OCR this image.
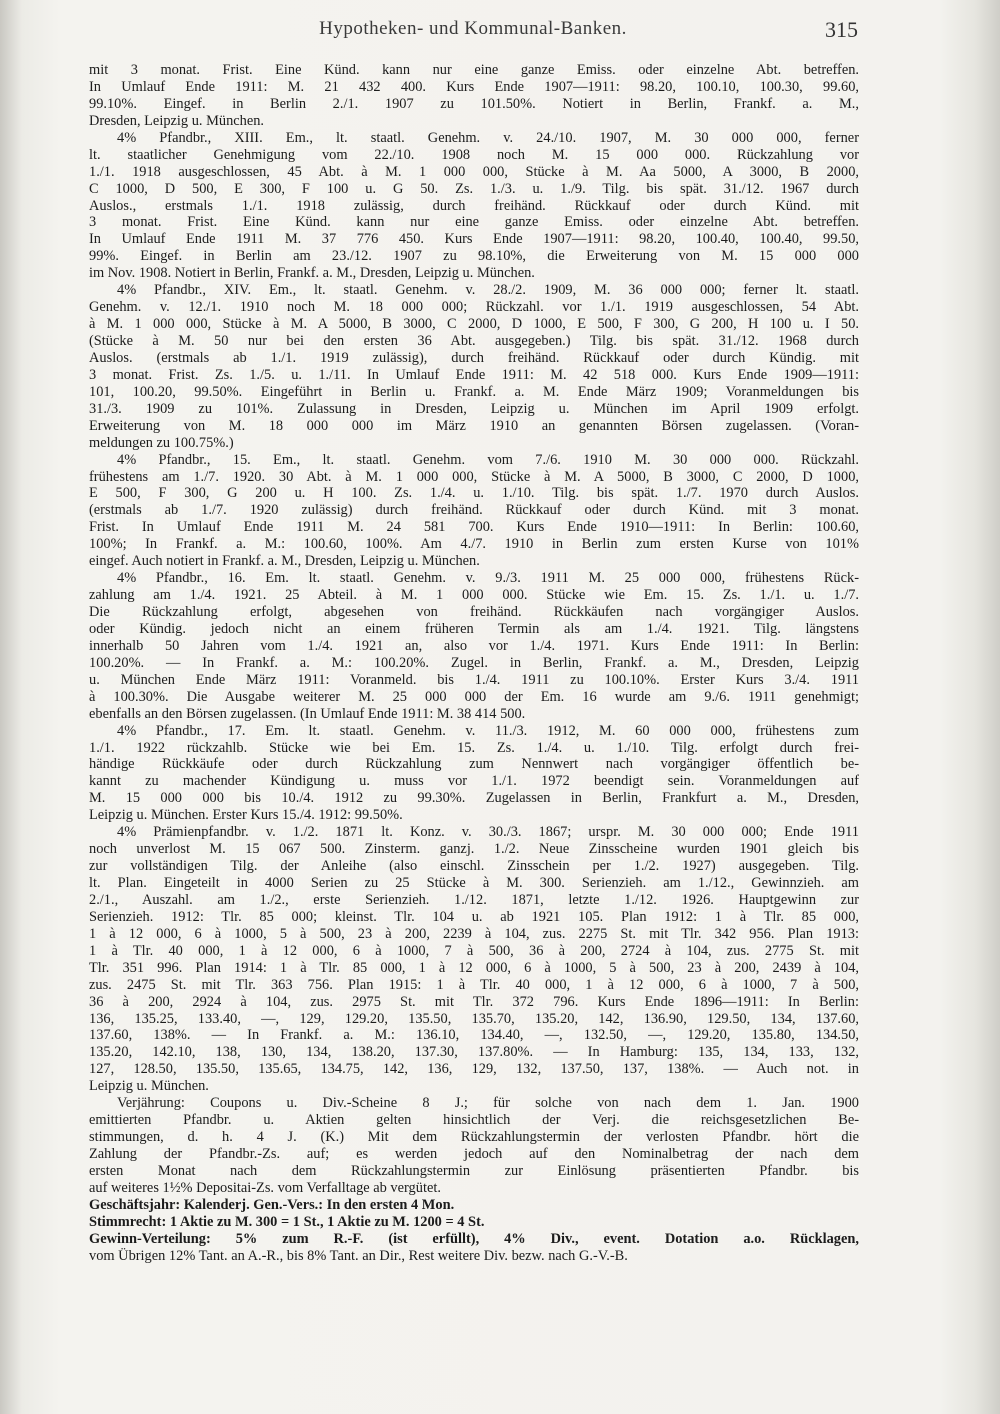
Hypotheken- und Kommunal-Banken.	315
mit 3 monat. Frist. Eine Künd. kann nur eine ganze Emiss. oder einzelne Abt. betreffen.
In Umlauf Ende 1911: M. 21 432 400. Kurs Ende 1907—1911: 98.20, 100.10, 100.30, 99.60,
99.10%. Eingef. in Berlin 2./1. 1907 zu 101.50%. Notiert in Berlin, Frankf. a. M.,
Dresden, Leipzig u. München.
4% Pfandbr., XIII. Em., lt. staatl. Genehm. v. 24./10. 1907, M. 30 000 000, ferner
lt. staatlicher Genehmigung vom 22./10. 1908 noch M. 15 000 000. Rückzahlung vor
1./1. 1918 ausgeschlossen, 45 Abt. à M. 1 000 000, Stücke à M. Aa 5000, A 3000, B 2000,
C 1000, D 500, E 300, F 100 u. G 50. Zs. 1./3. u. 1./9. Tilg. bis spät. 31./12. 1967 durch
Auslos., erstmals 1./1. 1918 zulässig, durch freihänd. Rückkauf oder durch Künd. mit
3 monat. Frist. Eine Künd. kann nur eine ganze Emiss. oder einzelne Abt. betreffen.
In Umlauf Ende 1911 M. 37 776 450. Kurs Ende 1907—1911: 98.20, 100.40, 100.40, 99.50,
99%. Eingef. in Berlin am 23./12. 1907 zu 98.10%, die Erweiterung von M. 15 000 000
im Nov. 1908. Notiert in Berlin, Frankf. a. M., Dresden, Leipzig u. München.
4% Pfandbr., XIV. Em., lt. staatl. Genehm. v. 28./2. 1909, M. 36 000 000; ferner lt. staatl.
Genehm. v. 12./1. 1910 noch M. 18 000 000; Rückzahl. vor 1./1. 1919 ausgeschlossen, 54 Abt.
à M. 1 000 000, Stücke à M. A 5000, B 3000, C 2000, D 1000, E 500, F 300, G 200, H 100 u. I 50.
(Stücke à M. 50 nur bei den ersten 36 Abt. ausgegeben.) Tilg. bis spät. 31./12. 1968 durch
Auslos. (erstmals ab 1./1. 1919 zulässig), durch freihänd. Rückkauf oder durch Kündig. mit
3 monat. Frist. Zs. 1./5. u. 1./11. In Umlauf Ende 1911: M. 42 518 000. Kurs Ende 1909—1911:
101, 100.20, 99.50%. Eingeführt in Berlin u. Frankf. a. M. Ende März 1909; Voranmeldungen bis
31./3. 1909 zu 101%. Zulassung in Dresden, Leipzig u. München im April 1909 erfolgt.
Erweiterung von M. 18 000 000 im März 1910 an genannten Börsen zugelassen. (Voran-
meldungen zu 100.75%.)
4% Pfandbr., 15. Em., lt. staatl. Genehm. vom 7./6. 1910 M. 30 000 000. Rückzahl.
frühestens am 1./7. 1920. 30 Abt. à M. 1 000 000, Stücke à M. A 5000, B 3000, C 2000, D 1000,
E 500, F 300, G 200 u. H 100. Zs. 1./4. u. 1./10. Tilg. bis spät. 1./7. 1970 durch Auslos.
(erstmals ab 1./7. 1920 zulässig) durch freihänd. Rückkauf oder durch Künd. mit 3 monat.
Frist. In Umlauf Ende 1911 M. 24 581 700. Kurs Ende 1910—1911: In Berlin: 100.60,
100%; In Frankf. a. M.: 100.60, 100%. Am 4./7. 1910 in Berlin zum ersten Kurse von 101%
eingef. Auch notiert in Frankf. a. M., Dresden, Leipzig u. München.
4% Pfandbr., 16. Em. lt. staatl. Genehm. v. 9./3. 1911 M. 25 000 000, frühestens Rück-
zahlung am 1./4. 1921. 25 Abteil. à M. 1 000 000. Stücke wie Em. 15. Zs. 1./1. u. 1./7.
Die Rückzahlung erfolgt, abgesehen von freihänd. Rückkäufen nach vorgängiger Auslos.
oder Kündig. jedoch nicht an einem früheren Termin als am 1./4. 1921. Tilg. längstens
innerhalb 50 Jahren vom 1./4. 1921 an, also vor 1./4. 1971. Kurs Ende 1911: In Berlin:
100.20%. — In Frankf. a. M.: 100.20%. Zugel. in Berlin, Frankf. a. M., Dresden, Leipzig
u. München Ende März 1911: Voranmeld. bis 1./4. 1911 zu 100.10%. Erster Kurs 3./4. 1911
à 100.30%. Die Ausgabe weiterer M. 25 000 000 der Em. 16 wurde am 9./6. 1911 genehmigt;
ebenfalls an den Börsen zugelassen. (In Umlauf Ende 1911: M. 38 414 500.
4% Pfandbr., 17. Em. lt. staatl. Genehm. v. 11./3. 1912, M. 60 000 000, frühestens zum
1./1. 1922 rückzahlb. Stücke wie bei Em. 15. Zs. 1./4. u. 1./10. Tilg. erfolgt durch frei-
händige Rückkäufe oder durch Rückzahlung zum Nennwert nach vorgängiger öffentlich be-
kannt zu machender Kündigung u. muss vor 1./1. 1972 beendigt sein. Voranmeldungen auf
M. 15 000 000 bis 10./4. 1912 zu 99.30%. Zugelassen in Berlin, Frankfurt a. M., Dresden,
Leipzig u. München. Erster Kurs 15./4. 1912: 99.50%.
4% Prämienpfandbr. v. 1./2. 1871 lt. Konz. v. 30./3. 1867; urspr. M. 30 000 000; Ende 1911
noch unverlost M. 15 067 500. Zinsterm. ganzj. 1./2. Neue Zinsscheine wurden 1901 gleich bis
zur vollständigen Tilg. der Anleihe (also einschl. Zinsschein per 1./2. 1927) ausgegeben. Tilg.
lt. Plan. Eingeteilt in 4000 Serien zu 25 Stücke à M. 300. Serienzieh. am 1./12., Gewinnzieh. am
2./1., Auszahl. am 1./2., erste Serienzieh. 1./12. 1871, letzte 1./12. 1926. Hauptgewinn zur
Serienzieh. 1912: Tlr. 85 000; kleinst. Tlr. 104 u. ab 1921 105. Plan 1912: 1 à Tlr. 85 000,
1 à 12 000, 6 à 1000, 5 à 500, 23 à 200, 2239 à 104, zus. 2275 St. mit Tlr. 342 956. Plan 1913:
1 à Tlr. 40 000, 1 à 12 000, 6 à 1000, 7 à 500, 36 à 200, 2724 à 104, zus. 2775 St. mit
Tlr. 351 996. Plan 1914: 1 à Tlr. 85 000, 1 à 12 000, 6 à 1000, 5 à 500, 23 à 200, 2439 à 104,
zus. 2475 St. mit Tlr. 363 756. Plan 1915: 1 à Tlr. 40 000, 1 à 12 000, 6 à 1000, 7 à 500,
36 à 200, 2924 à 104, zus. 2975 St. mit Tlr. 372 796. Kurs Ende 1896—1911: In Berlin:
136, 135.25, 133.40, —, 129, 129.20, 135.50, 135.70, 135.20, 142, 136.90, 129.50, 134, 137.60,
137.60, 138%. — In Frankf. a. M.: 136.10, 134.40, —, 132.50, —, 129.20, 135.80, 134.50,
135.20, 142.10, 138, 130, 134, 138.20, 137.30, 137.80%. — In Hamburg: 135, 134, 133, 132,
127, 128.50, 135.50, 135.65, 134.75, 142, 136, 129, 132, 137.50, 137, 138%. — Auch not. in
Leipzig u. München.
Verjährung: Coupons u. Div.-Scheine 8 J.; für solche von nach dem 1. Jan. 1900
emittierten Pfandbr. u. Aktien gelten hinsichtlich der Verj. die reichsgesetzlichen Be-
stimmungen, d. h. 4 J. (K.) Mit dem Rückzahlungstermin der verlosten Pfandbr. hört die
Zahlung der Pfandbr.-Zs. auf; es werden jedoch auf den Nominalbetrag der nach dem
ersten Monat nach dem Rückzahlungstermin zur Einlösung präsentierten Pfandbr. bis
auf weiteres 1½% Depositai-Zs. vom Verfalltage ab vergütet.
Geschäftsjahr: Kalenderj. Gen.-Vers.: In den ersten 4 Mon.
Stimmrecht: 1 Aktie zu M. 300 = 1 St., 1 Aktie zu M. 1200 = 4 St.
Gewinn-Verteilung: 5% zum R.-F. (ist erfüllt), 4% Div., event. Dotation a.o. Rücklagen,
vom Übrigen 12% Tant. an A.-R., bis 8% Tant. an Dir., Rest weitere Div. bezw. nach G.-V.-B.
